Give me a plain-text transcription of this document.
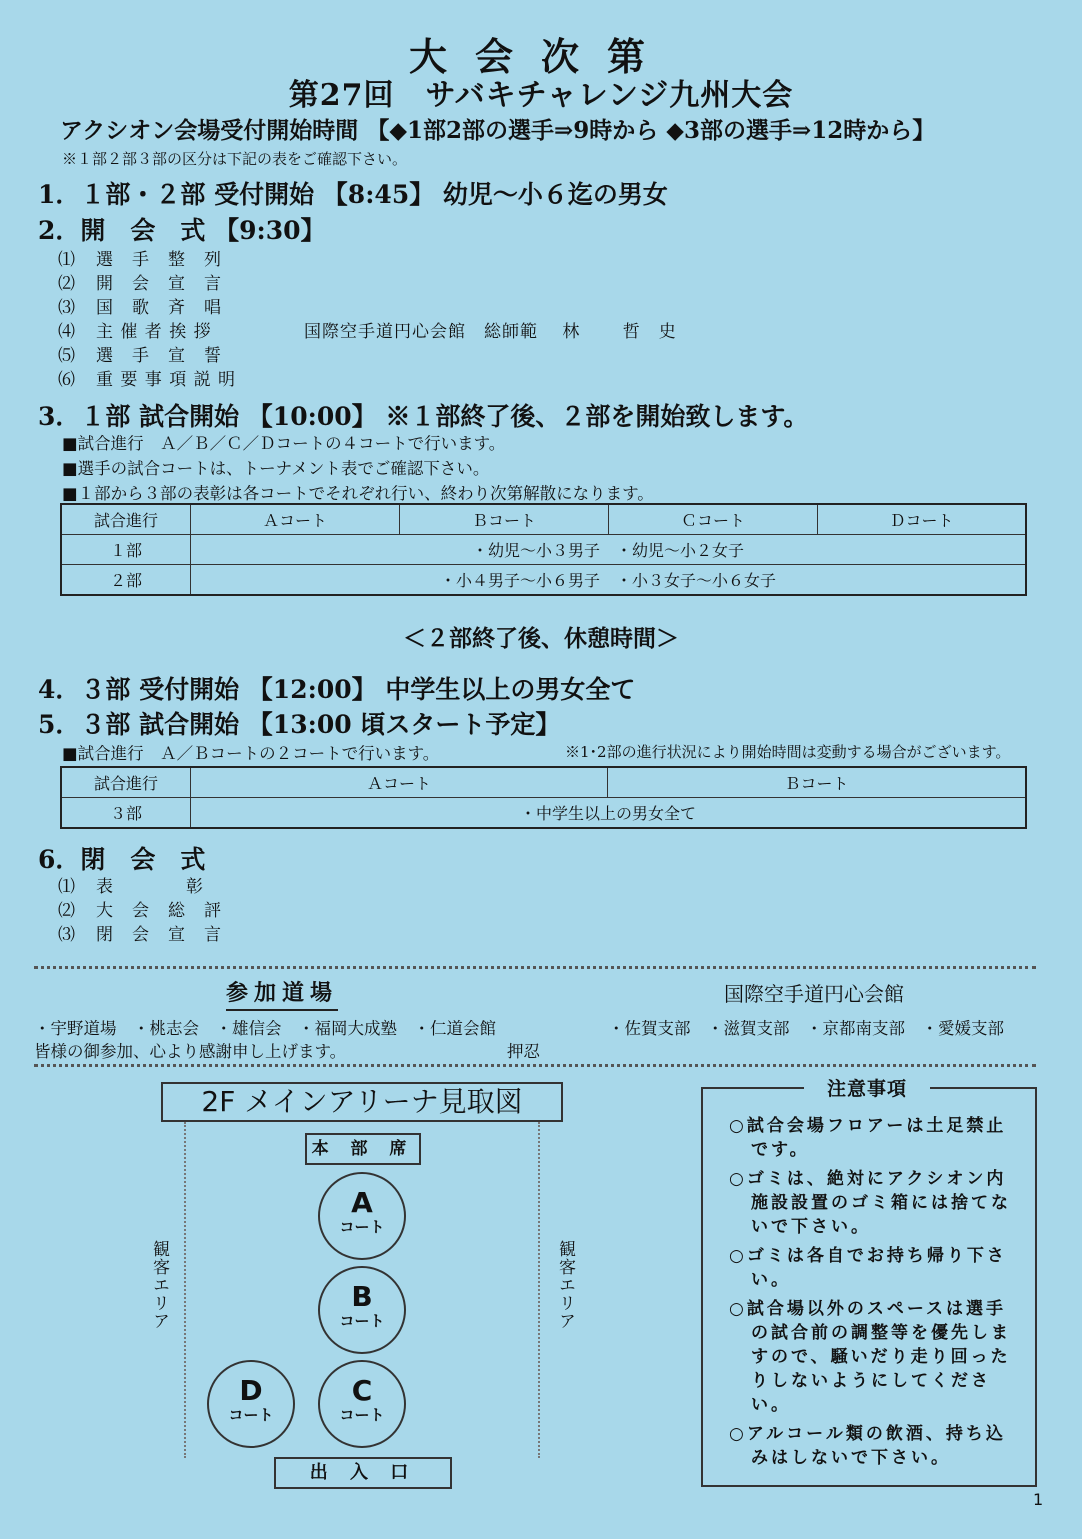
大会次第
第27回　サバキチャレンジ九州大会
アクシオン会場受付開始時間 【◆1部2部の選手⇒9時から ◆3部の選手⇒12時から】
※１部２部３部の区分は下記の表をご確認下さい。
1．１部・２部 受付開始 【8:45】 幼児～小６迄の男女
2．開　会　式 【9:30】
⑴ 選　手　整　列
⑵ 開　会　宣　言
⑶ 国　歌　斉　唱
⑷ 主 催 者 挨 拶	国際空手道円心会館　総師範　 林　　 哲　史
⑸ 選　手　宣　誓
⑹ 重 要 事 項 説 明
3．１部 試合開始 【10:00】 ※１部終了後、２部を開始致します。
■試合進行　Ａ／Ｂ／Ｃ／Ｄコートの４コートで行います。
■選手の試合コートは、トーナメント表でご確認下さい。
■１部から３部の表彰は各コートでそれぞれ行い、終わり次第解散になります。
試合進行	Ａコート	Ｂコート	Ｃコート	Ｄコート
１部	・幼児～小３男子　・幼児～小２女子			
２部	・小４男子～小６男子　・小３女子～小６女子			
＜２部終了後、休憩時間＞
4．３部 受付開始 【12:00】 中学生以上の男女全て
5．３部 試合開始 【13:00 頃スタート予定】
■試合進行　Ａ／Ｂコートの２コートで行います。	※1･2部の進行状況により開始時間は変動する場合がございます。
試合進行	Ａコート	Ｂコート
３部	・中学生以上の男女全て	
6．閉　会　式
⑴ 表　　　　彰
⑵ 大　会　総　評
⑶ 閉　会　宣　言
参加道場	国際空手道円心会館
・宇野道場　・桃志会　・雄信会　・福岡大成塾　・仁道会館	・佐賀支部　・滋賀支部　・京都南支部　・愛媛支部
皆様の御参加、心より感謝申し上げます。	押忍
2F メインアリーナ見取図
本 部 席
A
コート
B
コート
C
コート
D
コート
観客エリア	観客エリア
出 入 口
注意事項
○試合会場フロアーは土足禁止です。
○ゴミは、絶対にアクシオン内施設設置のゴミ箱には捨てないで下さい。
○ゴミは各自でお持ち帰り下さい。
○試合場以外のスペースは選手の試合前の調整等を優先しますので、騒いだり走り回ったりしないようにしてください。
○アルコール類の飲酒、持ち込みはしないで下さい。
1
